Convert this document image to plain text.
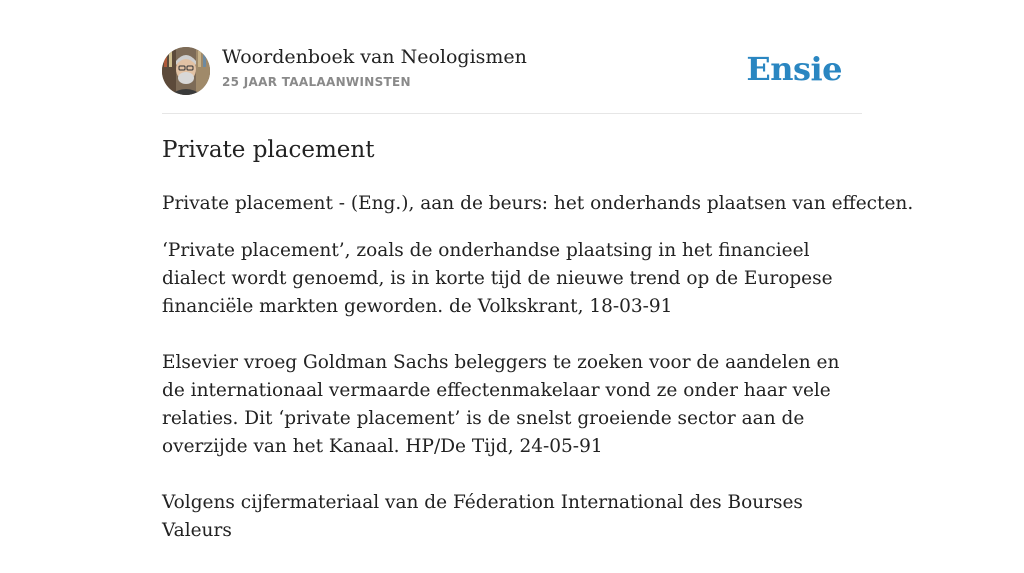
Woordenboek van Neologismen
25 JAAR TAALAANWINSTEN	Ensie
Private placement

Private placement - (Eng.), aan de beurs: het onderhands plaatsen van effecten.

‘Private placement’, zoals de onderhandse plaatsing in het financieel dialect wordt genoemd, is in korte tijd de nieuwe trend op de Europese financiële markten geworden. de Volkskrant, 18-03-91

Elsevier vroeg Goldman Sachs beleggers te zoeken voor de aandelen en de internationaal vermaarde effectenmakelaar vond ze onder haar vele relaties. Dit ‘private placement’ is de snelst groeiende sector aan de overzijde van het Kanaal. HP/De Tijd, 24-05-91

Volgens cijfermateriaal van de Féderation International des Bourses Valeurs
